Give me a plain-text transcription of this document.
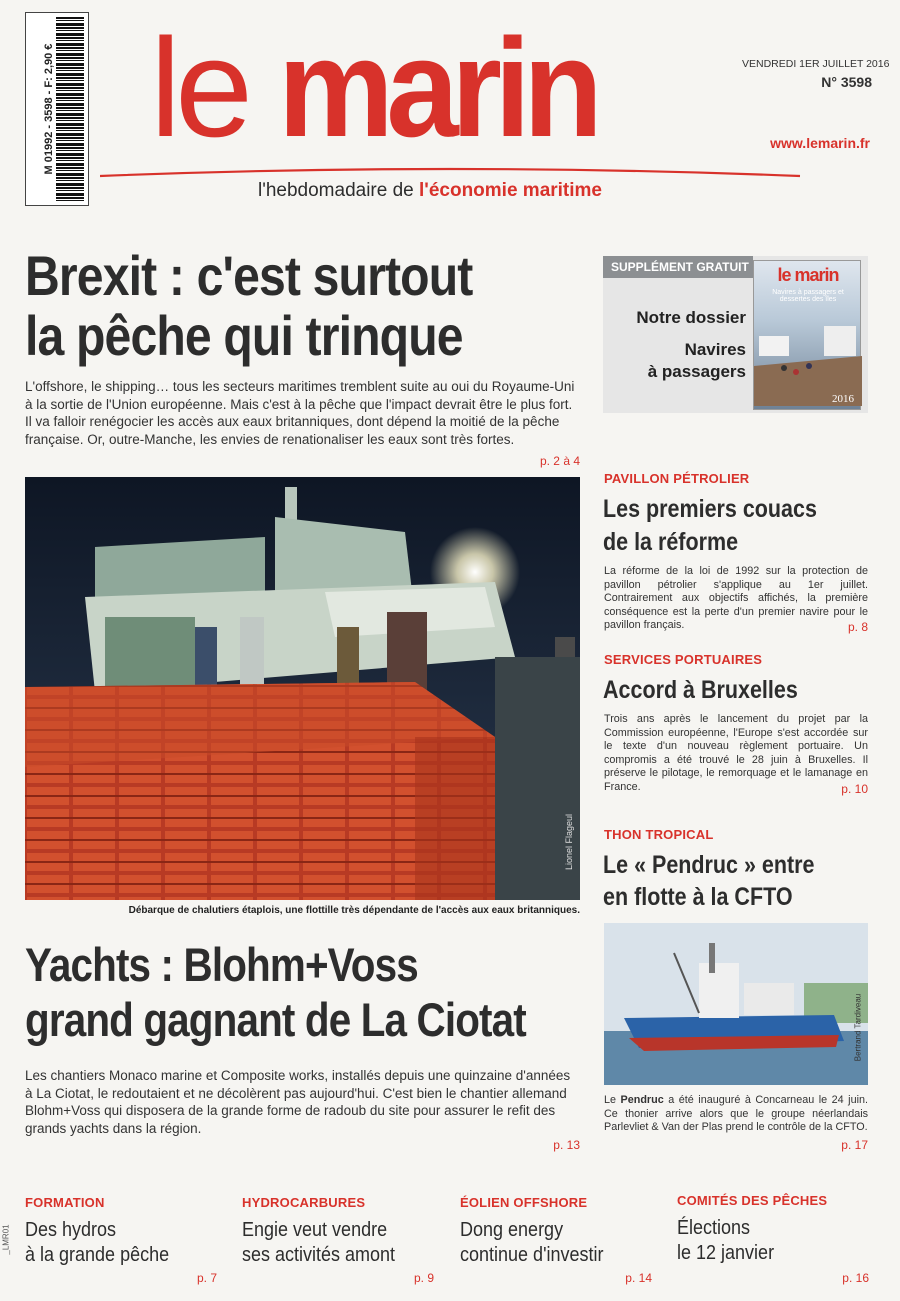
M 01992 - 3598 - F: 2,90 € le marin
l'hebdomadaire de l'économie maritime
VENDREDI 1ER JUILLET 2016
N° 3598
www.lemarin.fr
Brexit : c'est surtout
la pêche qui trinque
L'offshore, le shipping… tous les secteurs maritimes tremblent suite au oui du Royaume-Uni à la sortie de l'Union européenne. Mais c'est à la pêche que l'impact devrait être le plus fort. Il va falloir renégocier les accès aux eaux britanniques, dont dépend la moitié de la pêche française. Or, outre-Manche, les envies de renationaliser les eaux sont très fortes.
p. 2 à 4
Lionel Flageul
Débarque de chalutiers étaplois, une flottille très dépendante de l'accès aux eaux britanniques.
SUPPLÉMENT GRATUIT
Notre dossier
Navires
à passagers
le marin
Navires à passagers et dessertes des îles
2016
PAVILLON PÉTROLIER
Les premiers couacs
de la réforme
La réforme de la loi de 1992 sur la protection de pavillon pétrolier s'applique au 1er juillet. Contrairement aux objectifs affichés, la première conséquence est la perte d'un premier navire pour le pavillon français.	p. 8
SERVICES PORTUAIRES
Accord à Bruxelles
Trois ans après le lancement du projet par la Commission européenne, l'Europe s'est accordée sur le texte d'un nouveau règlement portuaire. Un compromis a été trouvé le 28 juin à Bruxelles. Il préserve le pilotage, le remorquage et le lamanage en France.	p. 10
THON TROPICAL
Le « Pendruc » entre
en flotte à la CFTO
Bertrand Tardiveau
Le Pendruc a été inauguré à Concarneau le 24 juin. Ce thonier arrive alors que le groupe néerlandais Parlevliet & Van der Plas prend le contrôle de la CFTO.
p. 17
Yachts : Blohm+Voss
grand gagnant de La Ciotat
Les chantiers Monaco marine et Composite works, installés depuis une quinzaine d'années à La Ciotat, le redoutaient et ne décolèrent pas aujourd'hui. C'est bien le chantier allemand Blohm+Voss qui disposera de la grande forme de radoub du site pour assurer le refit des grands yachts dans la région.
p. 13
FORMATION
Des hydros
à la grande pêche
p. 7
HYDROCARBURES
Engie veut vendre
ses activités amont
p. 9
ÉOLIEN OFFSHORE
Dong energy
continue d'investir
p. 14
COMITÉS DES PÊCHES
Élections
le 12 janvier
p. 16
_LMR01
